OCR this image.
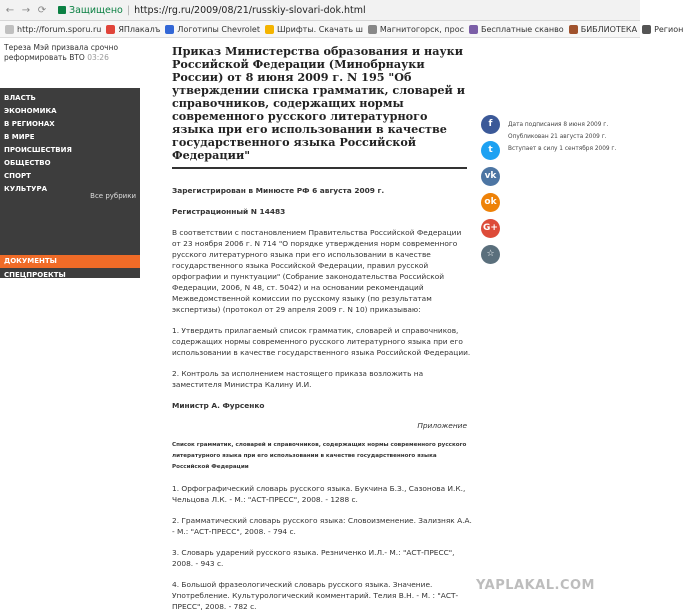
← → ⟳ Защищено | https://rg.ru/2009/08/21/russkiy-slovari-dok.html
http://forum.sporu.ru ЯПлакалъ Логотипы Chevrolet Шрифты. Скачать ш Магнитогорск, прос Бесплатные сканво БИБЛИОТЕКА Регион
Тереза Мэй призвала срочно реформировать ВТО 03:26
ВЛАСТЬ
ЭКОНОМИКА
В РЕГИОНАХ
В МИРЕ
ПРОИСШЕСТВИЯ
ОБЩЕСТВО
СПОРТ
КУЛЬТУРА
Все рубрики
ДОКУМЕНТЫ
СПЕЦПРОЕКТЫ
Приказ Министерства образования и науки Российской Федерации (Минобрнауки России) от 8 июня 2009 г. N 195 "Об утверждении списка грамматик, словарей и справочников, содержащих нормы современного русского литературного языка при его использовании в качестве государственного языка Российской Федерации"
Зарегистрирован в Минюсте РФ 6 августа 2009 г.
Регистрационный N 14483
В соответствии с постановлением Правительства Российской Федерации от 23 ноября 2006 г. N 714 "О порядке утверждения норм современного русского литературного языка при его использовании в качестве государственного языка Российской Федерации, правил русской орфографии и пунктуации" (Собрание законодательства Российской Федерации, 2006, N 48, ст. 5042) и на основании рекомендаций Межведомственной комиссии по русскому языку (по результатам экспертизы) (протокол от 29 апреля 2009 г. N 10) приказываю:
1. Утвердить прилагаемый список грамматик, словарей и справочников, содержащих нормы современного русского литературного языка при его использовании в качестве государственного языка Российской Федерации.
2. Контроль за исполнением настоящего приказа возложить на заместителя Министра Калину И.И.
Министр А. Фурсенко
Приложение
Список грамматик, словарей и справочников, содержащих нормы современного русского литературного языка при его использовании в качестве государственного языка Российской Федерации
1. Орфографический словарь русского языка. Букчина Б.З., Сазонова И.К., Чельцова Л.К. - М.: "АСТ-ПРЕСС", 2008. - 1288 с.
2. Грамматический словарь русского языка: Словоизменение. Зализняк А.А. - М.: "АСТ-ПРЕСС", 2008. - 794 с.
3. Словарь ударений русского языка. Резниченко И.Л.- М.: "АСТ-ПРЕСС", 2008. - 943 с.
4. Большой фразеологический словарь русского языка. Значение. Употребление. Культурологический комментарий. Телия В.Н. - М. : "АСТ-ПРЕСС", 2008. - 782 с.
f
t
vk
ok
G+
☆
Дата подписания 8 июня 2009 г.
Опубликован 21 августа 2009 г.
Вступает в силу 1 сентября 2009 г.
YAPLAKAL.COM
